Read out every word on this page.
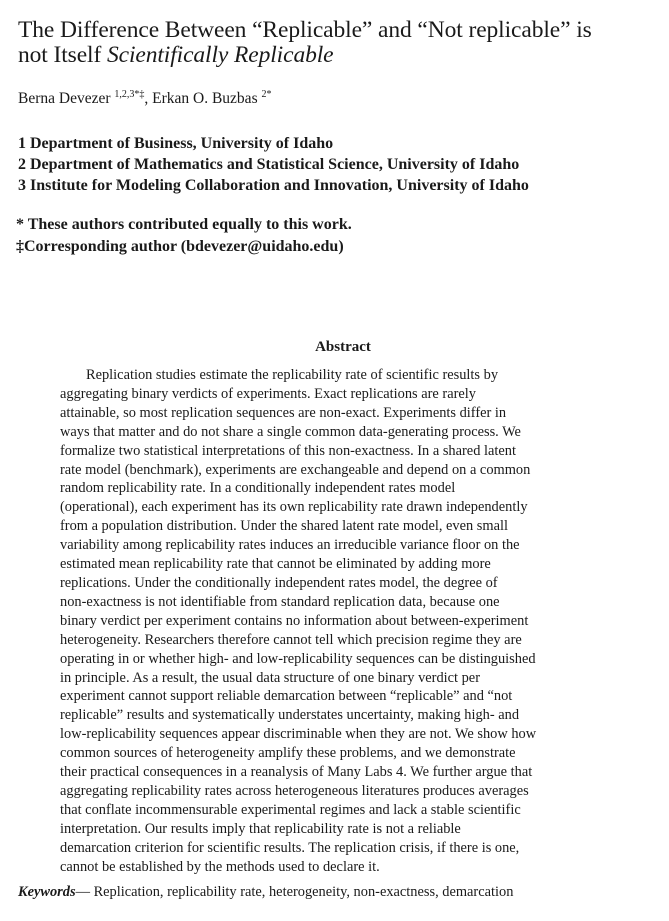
The Difference Between “Replicable” and “Not replicable” is
not Itself Scientifically Replicable
Berna Devezer $^{1,2,3*\ddagger}$, Erkan O. Buzbas $^{2*}$
1 Department of Business, University of Idaho
2 Department of Mathematics and Statistical Science, University of Idaho
3 Institute for Modeling Collaboration and Innovation, University of Idaho
* These authors contributed equally to this work.
‡Corresponding author (bdevezer@uidaho.edu)
Abstract
Replication studies estimate the replicability rate of scientific results by
aggregating binary verdicts of experiments. Exact replications are rarely
attainable, so most replication sequences are non-exact. Experiments differ in
ways that matter and do not share a single common data-generating process. We
formalize two statistical interpretations of this non-exactness. In a shared latent
rate model (benchmark), experiments are exchangeable and depend on a common
random replicability rate. In a conditionally independent rates model
(operational), each experiment has its own replicability rate drawn independently
from a population distribution. Under the shared latent rate model, even small
variability among replicability rates induces an irreducible variance floor on the
estimated mean replicability rate that cannot be eliminated by adding more
replications. Under the conditionally independent rates model, the degree of
non-exactness is not identifiable from standard replication data, because one
binary verdict per experiment contains no information about between-experiment
heterogeneity. Researchers therefore cannot tell which precision regime they are
operating in or whether high- and low-replicability sequences can be distinguished
in principle. As a result, the usual data structure of one binary verdict per
experiment cannot support reliable demarcation between “replicable” and “not
replicable” results and systematically understates uncertainty, making high- and
low-replicability sequences appear discriminable when they are not. We show how
common sources of heterogeneity amplify these problems, and we demonstrate
their practical consequences in a reanalysis of Many Labs 4. We further argue that
aggregating replicability rates across heterogeneous literatures produces averages
that conflate incommensurable experimental regimes and lack a stable scientific
interpretation. Our results imply that replicability rate is not a reliable
demarcation criterion for scientific results. The replication crisis, if there is one,
cannot be established by the methods used to declare it.
Keywords— Replication, replicability rate, heterogeneity, non-exactness, demarcation
